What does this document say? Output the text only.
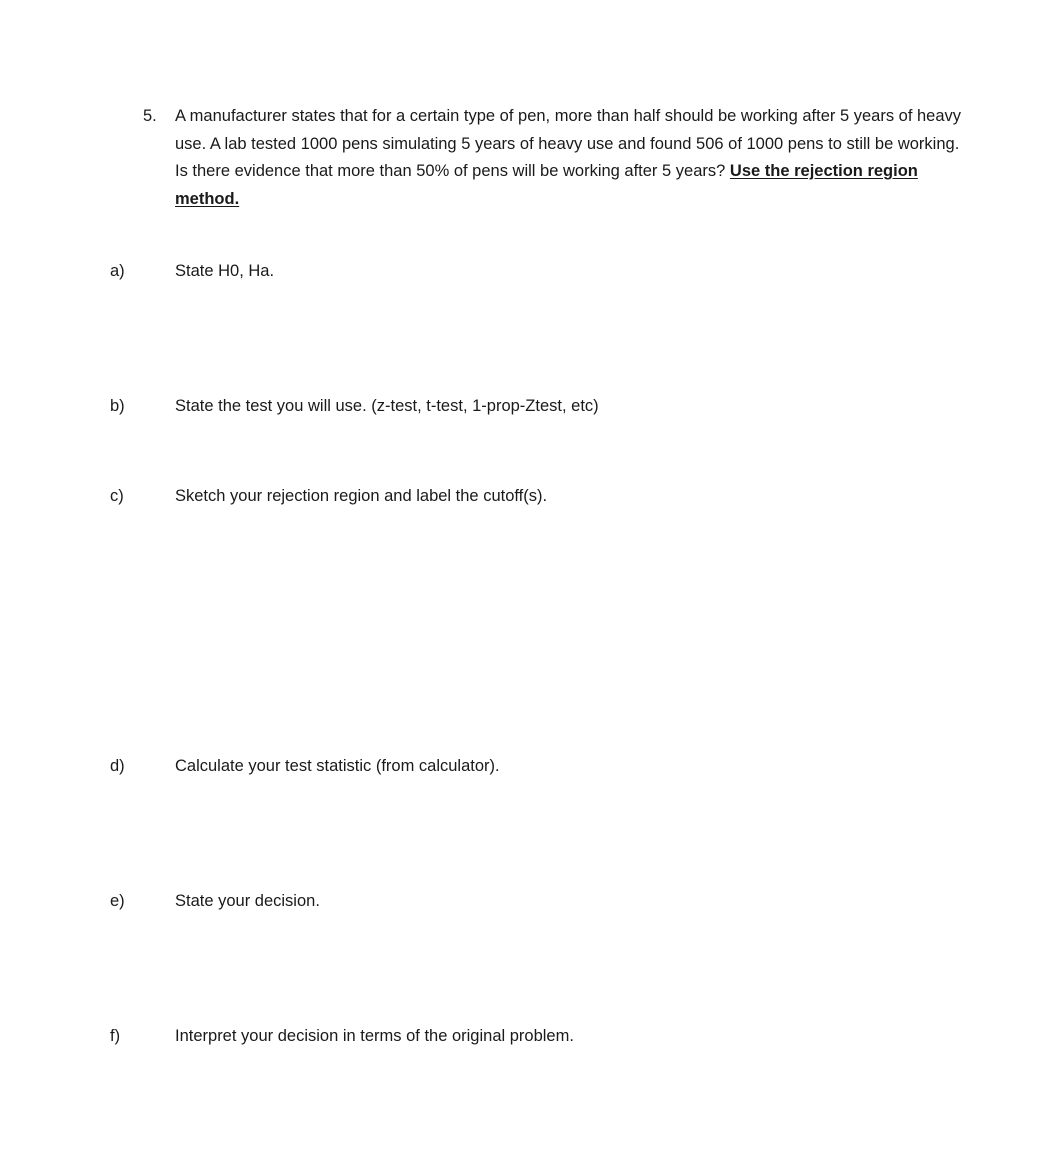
5. A manufacturer states that for a certain type of pen, more than half should be working after 5 years of heavy use. A lab tested 1000 pens simulating 5 years of heavy use and found 506 of 1000 pens to still be working. Is there evidence that more than 50% of pens will be working after 5 years? Use the rejection region method.
a)	State H0, Ha.
b)	State the test you will use. (z-test, t-test, 1-prop-Ztest, etc)
c)	Sketch your rejection region and label the cutoff(s).
d)	Calculate your test statistic (from calculator).
e)	State your decision.
f)	Interpret your decision in terms of the original problem.
